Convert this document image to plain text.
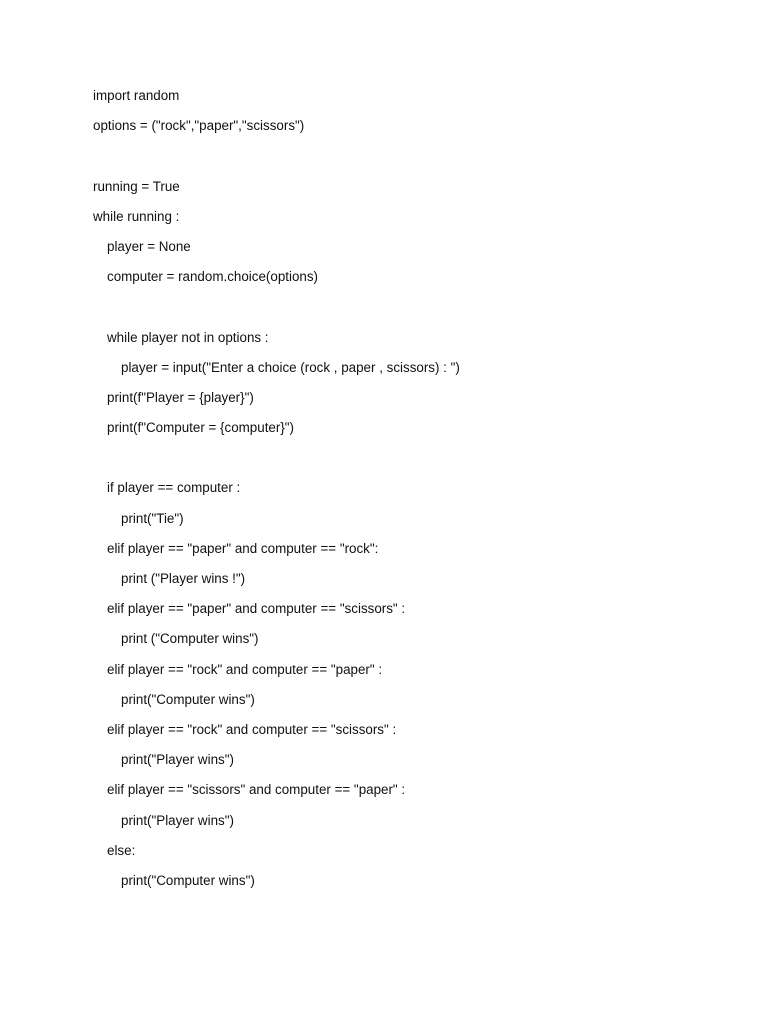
import random
options = ("rock","paper","scissors")
running = True
while running :
player = None
computer = random.choice(options)
while player not in options :
player = input("Enter a choice (rock , paper , scissors) : ")
print(f"Player = {player}")
print(f"Computer = {computer}")
if player == computer :
print("Tie")
elif player == "paper" and computer == "rock":
print ("Player wins !")
elif player == "paper" and computer == "scissors" :
print ("Computer wins")
elif player == "rock" and computer == "paper" :
print("Computer wins")
elif player == "rock" and computer == "scissors" :
print("Player wins")
elif player == "scissors" and computer == "paper" :
print("Player wins")
else:
print("Computer wins")
